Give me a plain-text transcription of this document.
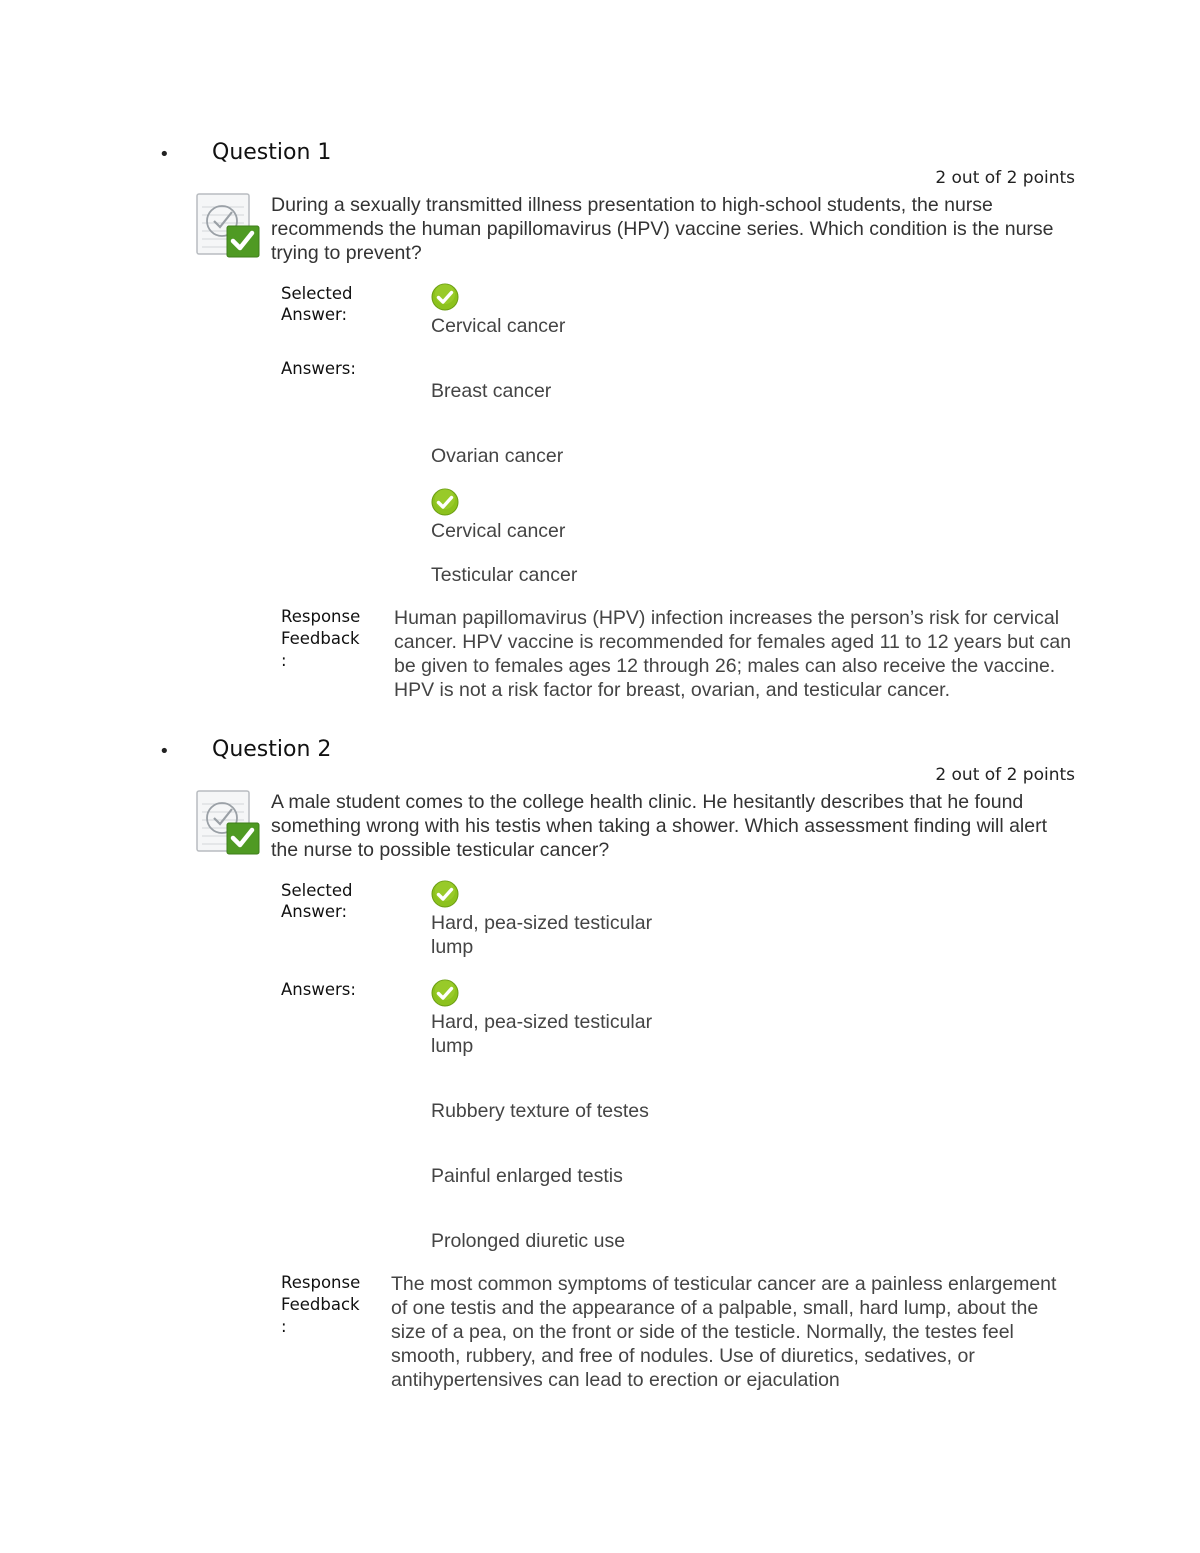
• Question 1
2 out of 2 points
During a sexually transmitted illness presentation to high-school students, the nurse recommends the human papillomavirus (HPV) vaccine series. Which condition is the nurse trying to prevent?
Selected
Answer:
Cervical cancer
Answers:
Breast cancer
Ovarian cancer
Cervical cancer
Testicular cancer
Response
Feedback
:
Human papillomavirus (HPV) infection increases the person’s risk for cervical cancer. HPV vaccine is recommended for females aged 11 to 12 years but can be given to females ages 12 through 26; males can also receive the vaccine. HPV is not a risk factor for breast, ovarian, and testicular cancer.
• Question 2
2 out of 2 points
A male student comes to the college health clinic. He hesitantly describes that he found something wrong with his testis when taking a shower. Which assessment finding will alert the nurse to possible testicular cancer?
Selected
Answer:
Hard, pea-sized testicular lump
Answers:
Hard, pea-sized testicular lump
Rubbery texture of testes
Painful enlarged testis
Prolonged diuretic use
Response
Feedback
:
The most common symptoms of testicular cancer are a painless enlargement of one testis and the appearance of a palpable, small, hard lump, about the size of a pea, on the front or side of the testicle. Normally, the testes feel smooth, rubbery, and free of nodules. Use of diuretics, sedatives, or antihypertensives can lead to erection or ejaculation
